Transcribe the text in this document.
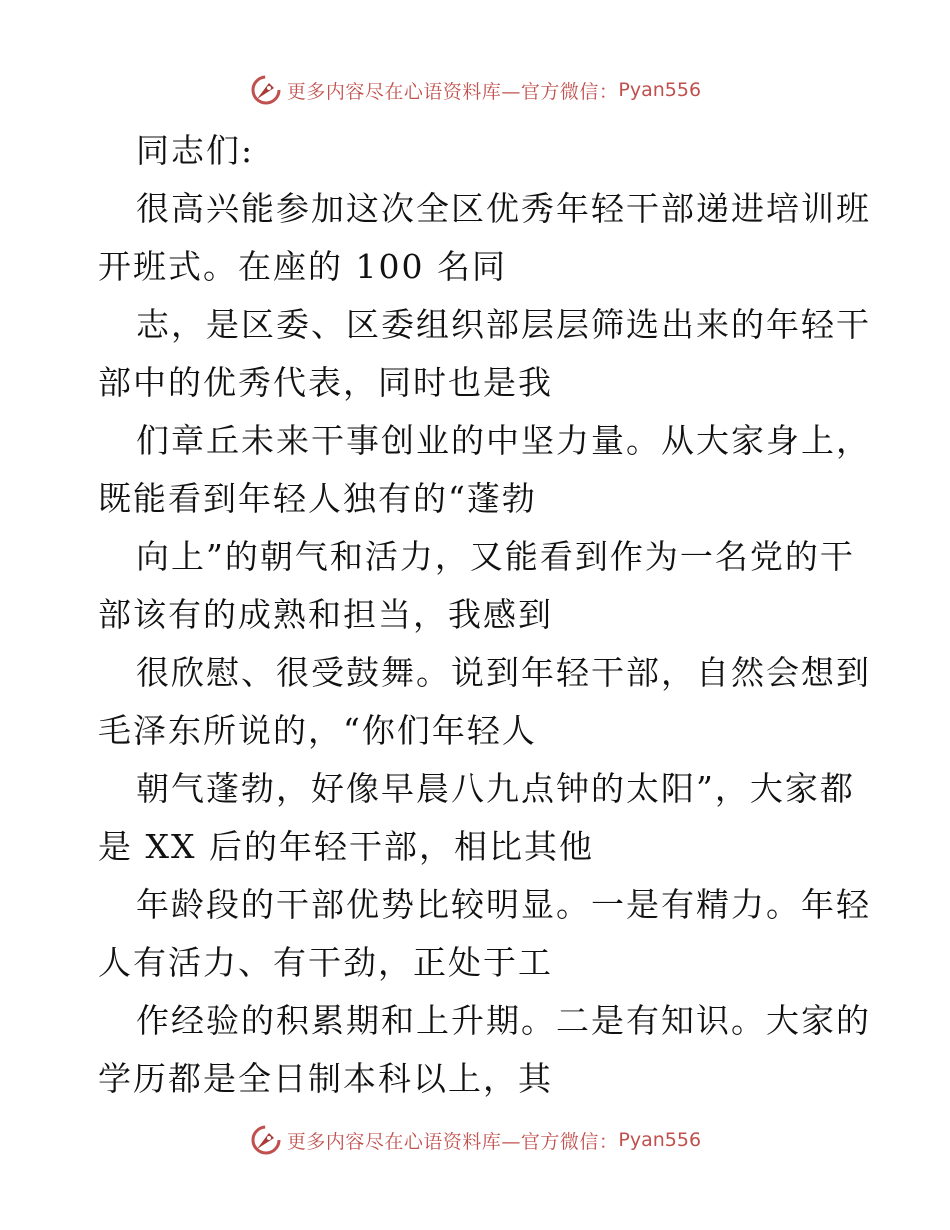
更多内容尽在心语资料库—官方微信： Pyan556
同志们:
很高兴能参加这次全区优秀年轻干部递进培训班
开班式。在座的 100 名同
志，是区委、区委组织部层层筛选出来的年轻干
部中的优秀代表，同时也是我
们章丘未来干事创业的中坚力量。从大家身上，
既能看到年轻人独有的“蓬勃
向上”的朝气和活力，又能看到作为一名党的干
部该有的成熟和担当，我感到
很欣慰、很受鼓舞。说到年轻干部，自然会想到
毛泽东所说的，“你们年轻人
朝气蓬勃，好像早晨八九点钟的太阳”，大家都
是 XX 后的年轻干部，相比其他
年龄段的干部优势比较明显。一是有精力。年轻
人有活力、有干劲，正处于工
作经验的积累期和上升期。二是有知识。大家的
学历都是全日制本科以上，其
更多内容尽在心语资料库—官方微信： Pyan556
